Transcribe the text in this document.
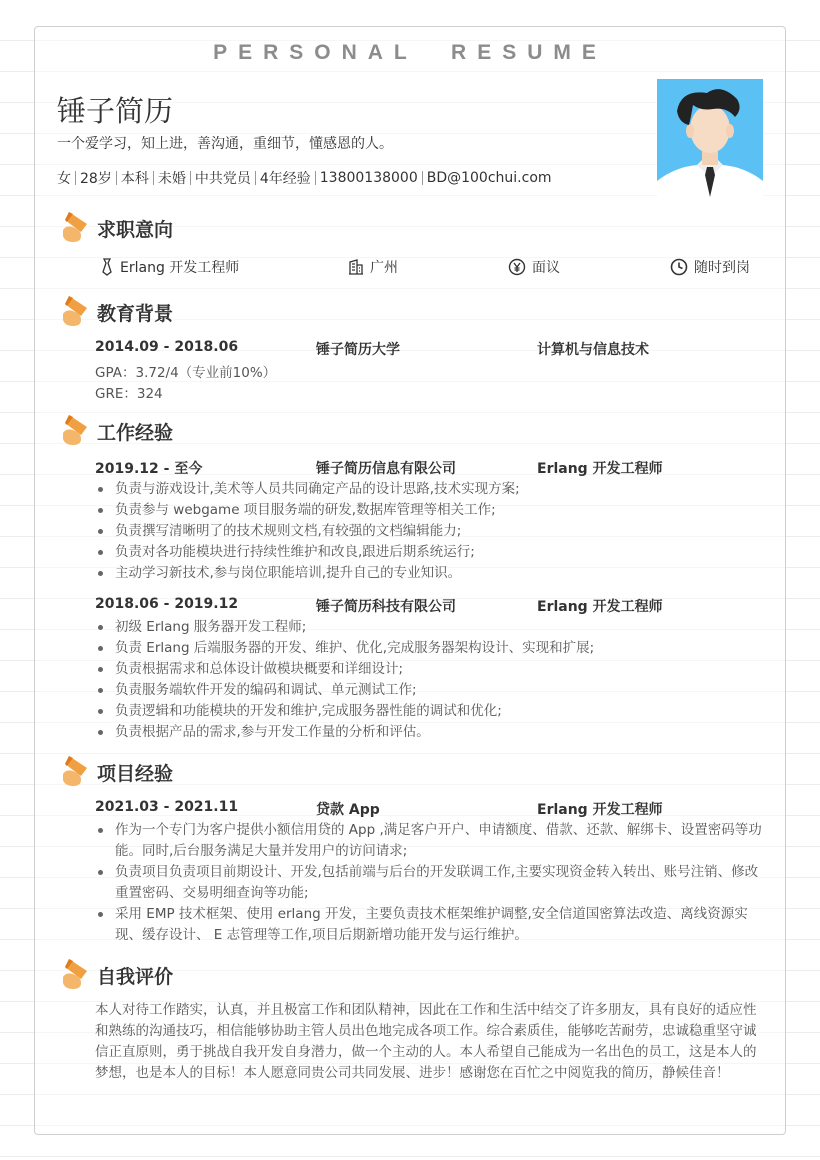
PERSONAL  RESUME
锤子简历
一个爱学习，知上进，善沟通，重细节，懂感恩的人。
女 28岁 本科 未婚 中共党员 4年经验 13800138000 BD@100chui.com
求职意向
Erlang 开发工程师	广州	面议	随时到岗
教育背景
2014.09 - 2018.06	锤子简历大学	计算机与信息技术
GPA：3.72/4（专业前10%）
GRE：324
工作经验
2019.12 - 至今	锤子简历信息有限公司	Erlang 开发工程师
负责与游戏设计,美术等人员共同确定产品的设计思路,技术实现方案;
负责参与 webgame 项目服务端的研发,数据库管理等相关工作;
负责撰写清晰明了的技术规则文档,有较强的文档编辑能力;
负责对各功能模块进行持续性维护和改良,跟进后期系统运行;
主动学习新技术,参与岗位职能培训,提升自己的专业知识。
2018.06 - 2019.12	锤子简历科技有限公司	Erlang 开发工程师
初级 Erlang 服务器开发工程师;
负责 Erlang 后端服务器的开发、维护、优化,完成服务器架构设计、实现和扩展;
负责根据需求和总体设计做模块概要和详细设计;
负责服务端软件开发的编码和调试、单元测试工作;
负责逻辑和功能模块的开发和维护,完成服务器性能的调试和优化;
负责根据产品的需求,参与开发工作量的分析和评估。
项目经验
2021.03 - 2021.11	贷款 App	Erlang 开发工程师
作为一个专门为客户提供小额信用贷的 App ,满足客户开户、申请额度、借款、还款、解绑卡、设置密码等功能。同时,后台服务满足大量并发用户的访问请求;
负责项目负责项目前期设计、开发,包括前端与后台的开发联调工作,主要实现资金转入转出、账号注销、修改重置密码、交易明细查询等功能;
采用 EMP 技术框架、使用 erlang 开发，主要负责技术框架维护调整,安全信道国密算法改造、离线资源实现、缓存设计、 E 志管理等工作,项目后期新增功能开发与运行维护。
自我评价
本人对待工作踏实，认真，并且极富工作和团队精神，因此在工作和生活中结交了许多朋友，具有良好的适应性和熟练的沟通技巧，相信能够协助主管人员出色地完成各项工作。综合素质佳，能够吃苦耐劳，忠诚稳重坚守诚信正直原则，勇于挑战自我开发自身潜力，做一个主动的人。本人希望自己能成为一名出色的员工，这是本人的梦想，也是本人的目标！本人愿意同贵公司共同发展、进步！感谢您在百忙之中阅览我的简历，静候佳音！
